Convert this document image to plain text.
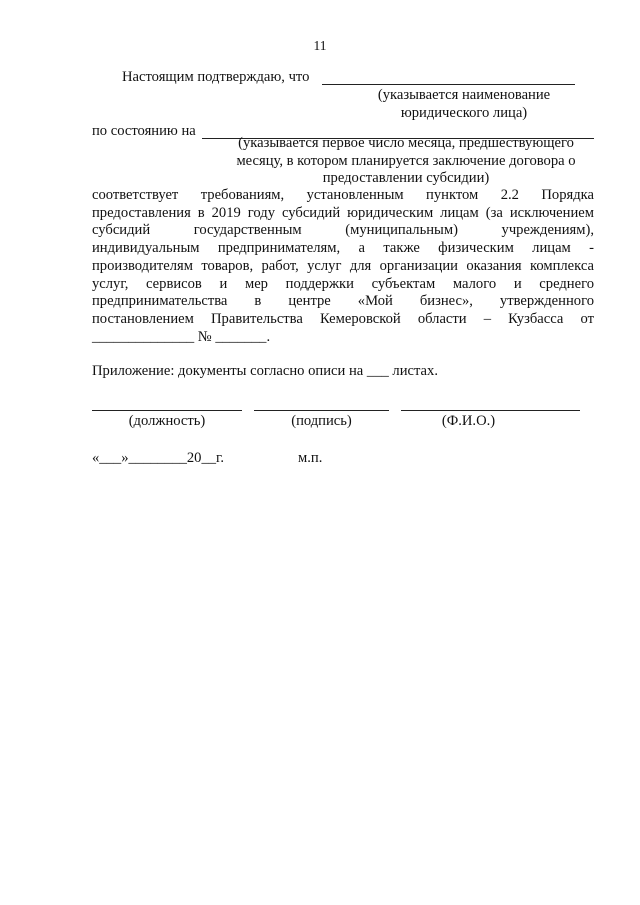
11
Настоящим подтверждаю, что
(указывается наименование
юридического лица)
по состоянию на
(указывается первое число месяца, предшествующего
месяцу, в котором планируется заключение договора о
предоставлении субсидии)
соответствует требованиям, установленным пунктом 2.2 Порядка
предоставления в 2019 году субсидий юридическим лицам (за исключением
субсидий государственным (муниципальным) учреждениям),
индивидуальным предпринимателям, а также физическим лицам -
производителям товаров, работ, услуг для организации оказания комплекса
услуг, сервисов и мер поддержки субъектам малого и среднего
предпринимательства в центре «Мой бизнес», утвержденного
постановлением Правительства Кемеровской области – Кузбасса от
______________ № _______.
Приложение: документы согласно описи на ___ листах.
(должность)	(подпись)	(Ф.И.О.)
«___»________20__г.	м.п.
